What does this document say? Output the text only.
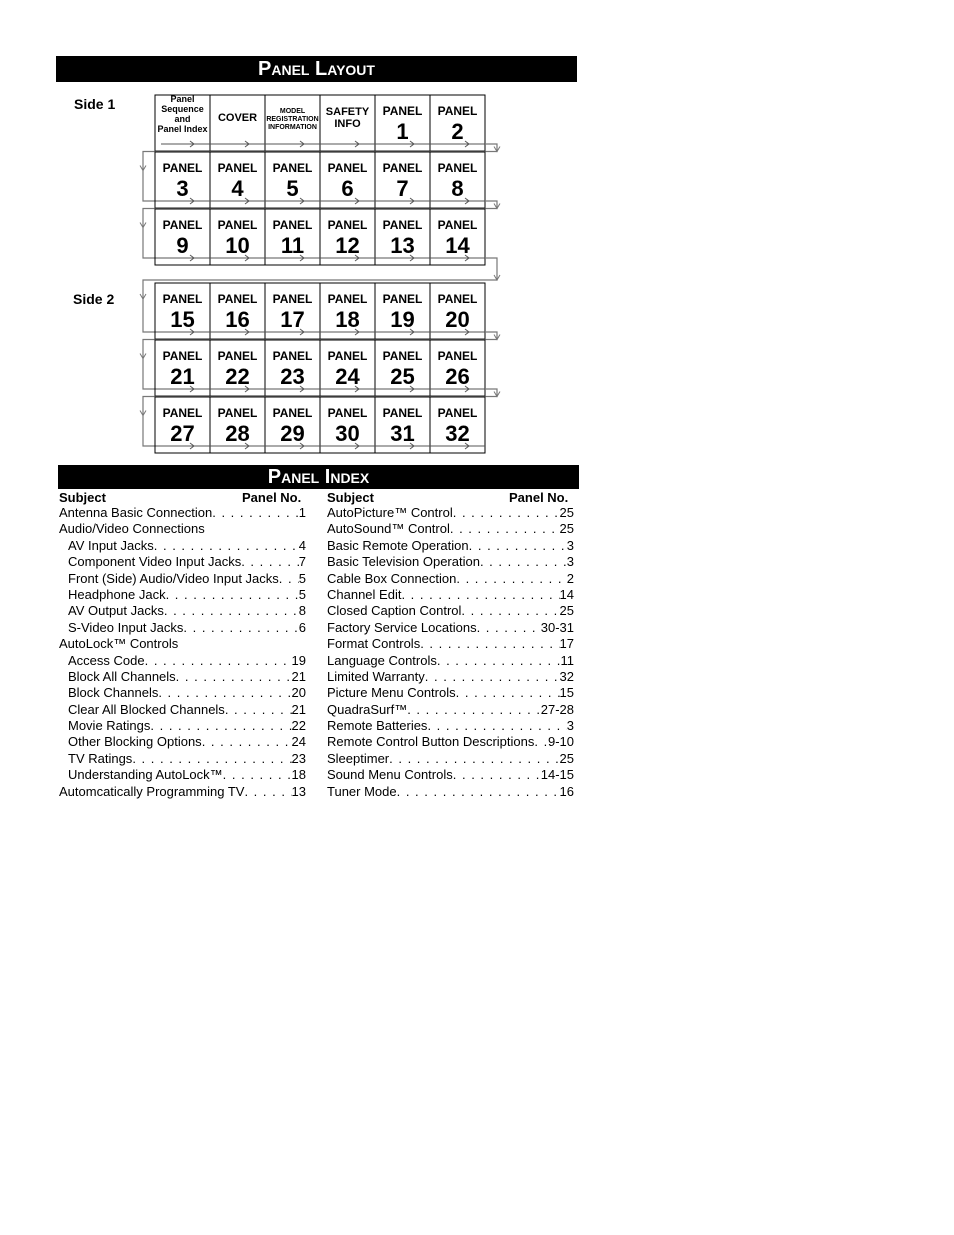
Panel Layout
Side 1
Side 2
Panel
Sequence
and
Panel Index
COVER
MODEL
REGISTRATION
INFORMATION
SAFETY
INFO
PANEL
1
PANEL
2
PANEL
3
PANEL
4
PANEL
5
PANEL
6
PANEL
7
PANEL
8
PANEL
9
PANEL
10
PANEL
11
PANEL
12
PANEL
13
PANEL
14
PANEL
15
PANEL
16
PANEL
17
PANEL
18
PANEL
19
PANEL
20
PANEL
21
PANEL
22
PANEL
23
PANEL
24
PANEL
25
PANEL
26
PANEL
27
PANEL
28
PANEL
29
PANEL
30
PANEL
31
PANEL
32
Panel Index
Subject	Panel No. Subject	Panel No.
Antenna Basic Connection . . .	1
Audio/Video Connections
AV Input Jacks . . .	4
Component Video Input Jacks . . .	7
Front (Side) Audio/Video Input Jacks . . . 5
Headphone Jack . . .	5
AV Output Jacks . . .	8
S-Video Input Jacks . . .	6
AutoLock™ Controls
Access Code . . .	19
Block All Channels . . .	21
Block Channels . . .	20
Clear All Blocked Channels . . .	21
Movie Ratings . . .	22
Other Blocking Options . . .	24
TV Ratings . . .	23
Understanding AutoLock™ . . .	18
Automcatically Programming TV . . .	13
AutoPicture™ Control . . .	25
AutoSound™ Control . . .	25
Basic Remote Operation . . .	3
Basic Television Operation . . .	3
Cable Box Connection . . .	2
Channel Edit . . .	14
Closed Caption Control . . .	25
Factory Service Locations . . .	30-31
Format Controls . . .	17
Language Controls . . .	11
Limited Warranty . . .	32
Picture Menu Controls . . .	15
QuadraSurf™ . . .	27-28
Remote Batteries . . .	3
Remote Control Button Descriptions . . . 9-10
Sleeptimer . . .	25
Sound Menu Controls . . .	14-15
Tuner Mode . . .	16
